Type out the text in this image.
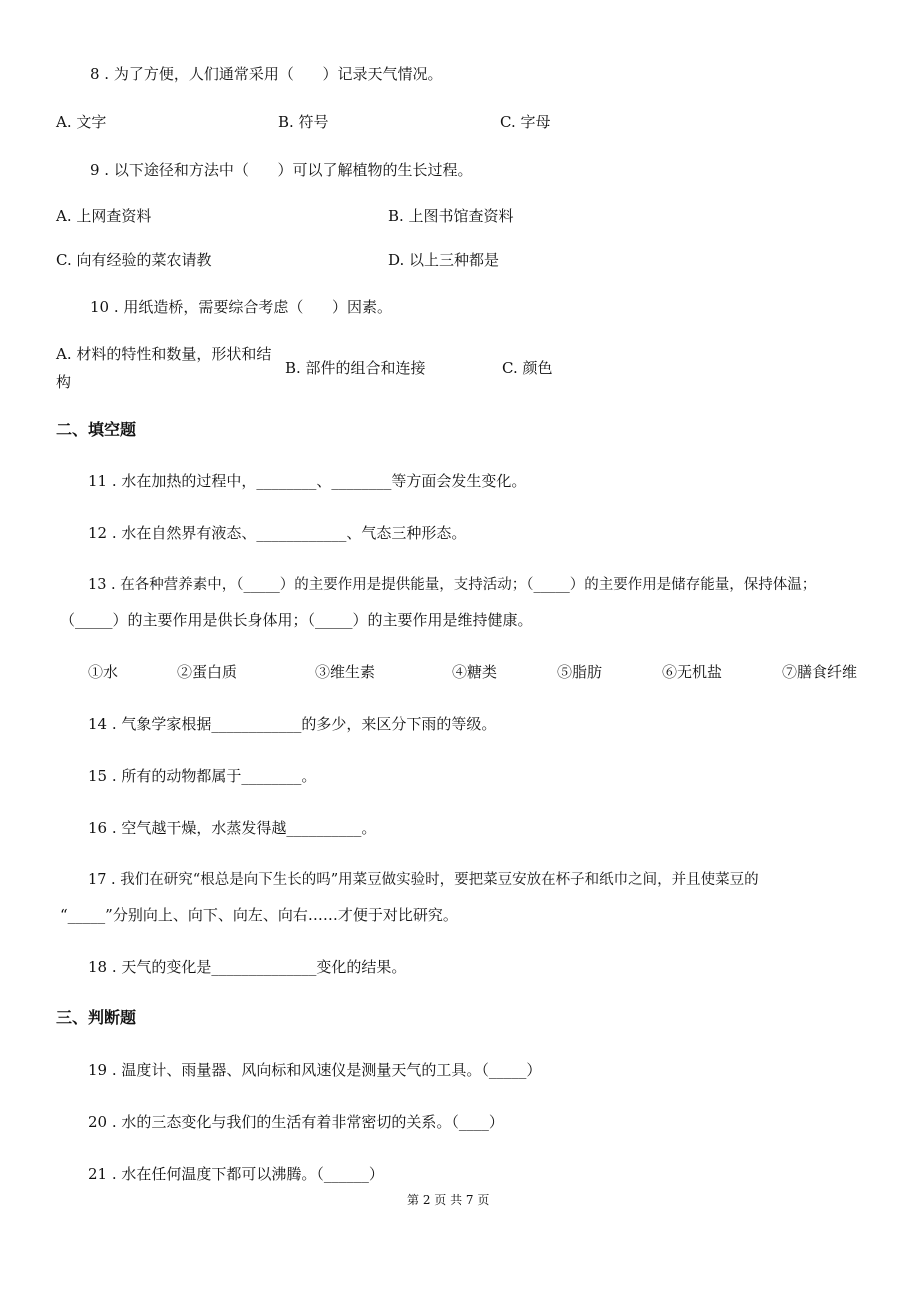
8 . 为了方便，人们通常采用（      ）记录天气情况。
A. 文字	B. 符号	C. 字母
9 . 以下途径和方法中（      ）可以了解植物的生长过程。
A. 上网查资料	B. 上图书馆查资料
C. 向有经验的菜农请教	D. 以上三种都是
10 . 用纸造桥，需要综合考虑（      ）因素。
A. 材料的特性和数量，形状和结
构
B. 部件的组合和连接	C. 颜色
二、填空题
11 . 水在加热的过程中，________、________等方面会发生变化。
12 . 水在自然界有液态、____________、气态三种形态。
13 . 在各种营养素中，（_____）的主要作用是提供能量，支持活动；（_____）的主要作用是储存能量，保持体温；
（_____）的主要作用是供长身体用；（_____）的主要作用是维持健康。
①水	②蛋白质	③维生素	④糖类	⑤脂肪	⑥无机盐	⑦膳食纤维
14 . 气象学家根据____________的多少，来区分下雨的等级。
15 . 所有的动物都属于________。
16 . 空气越干燥，水蒸发得越__________。
17 . 我们在研究“根总是向下生长的吗”用菜豆做实验时，要把菜豆安放在杯子和纸巾之间，并且使菜豆的
“_____”分别向上、向下、向左、向右……才便于对比研究。
18 . 天气的变化是______________变化的结果。
三、判断题
19 . 温度计、雨量器、风向标和风速仪是测量天气的工具。（_____）
20 . 水的三态变化与我们的生活有着非常密切的关系。（____）
21 . 水在任何温度下都可以沸腾。（______）
第 2 页 共 7 页
